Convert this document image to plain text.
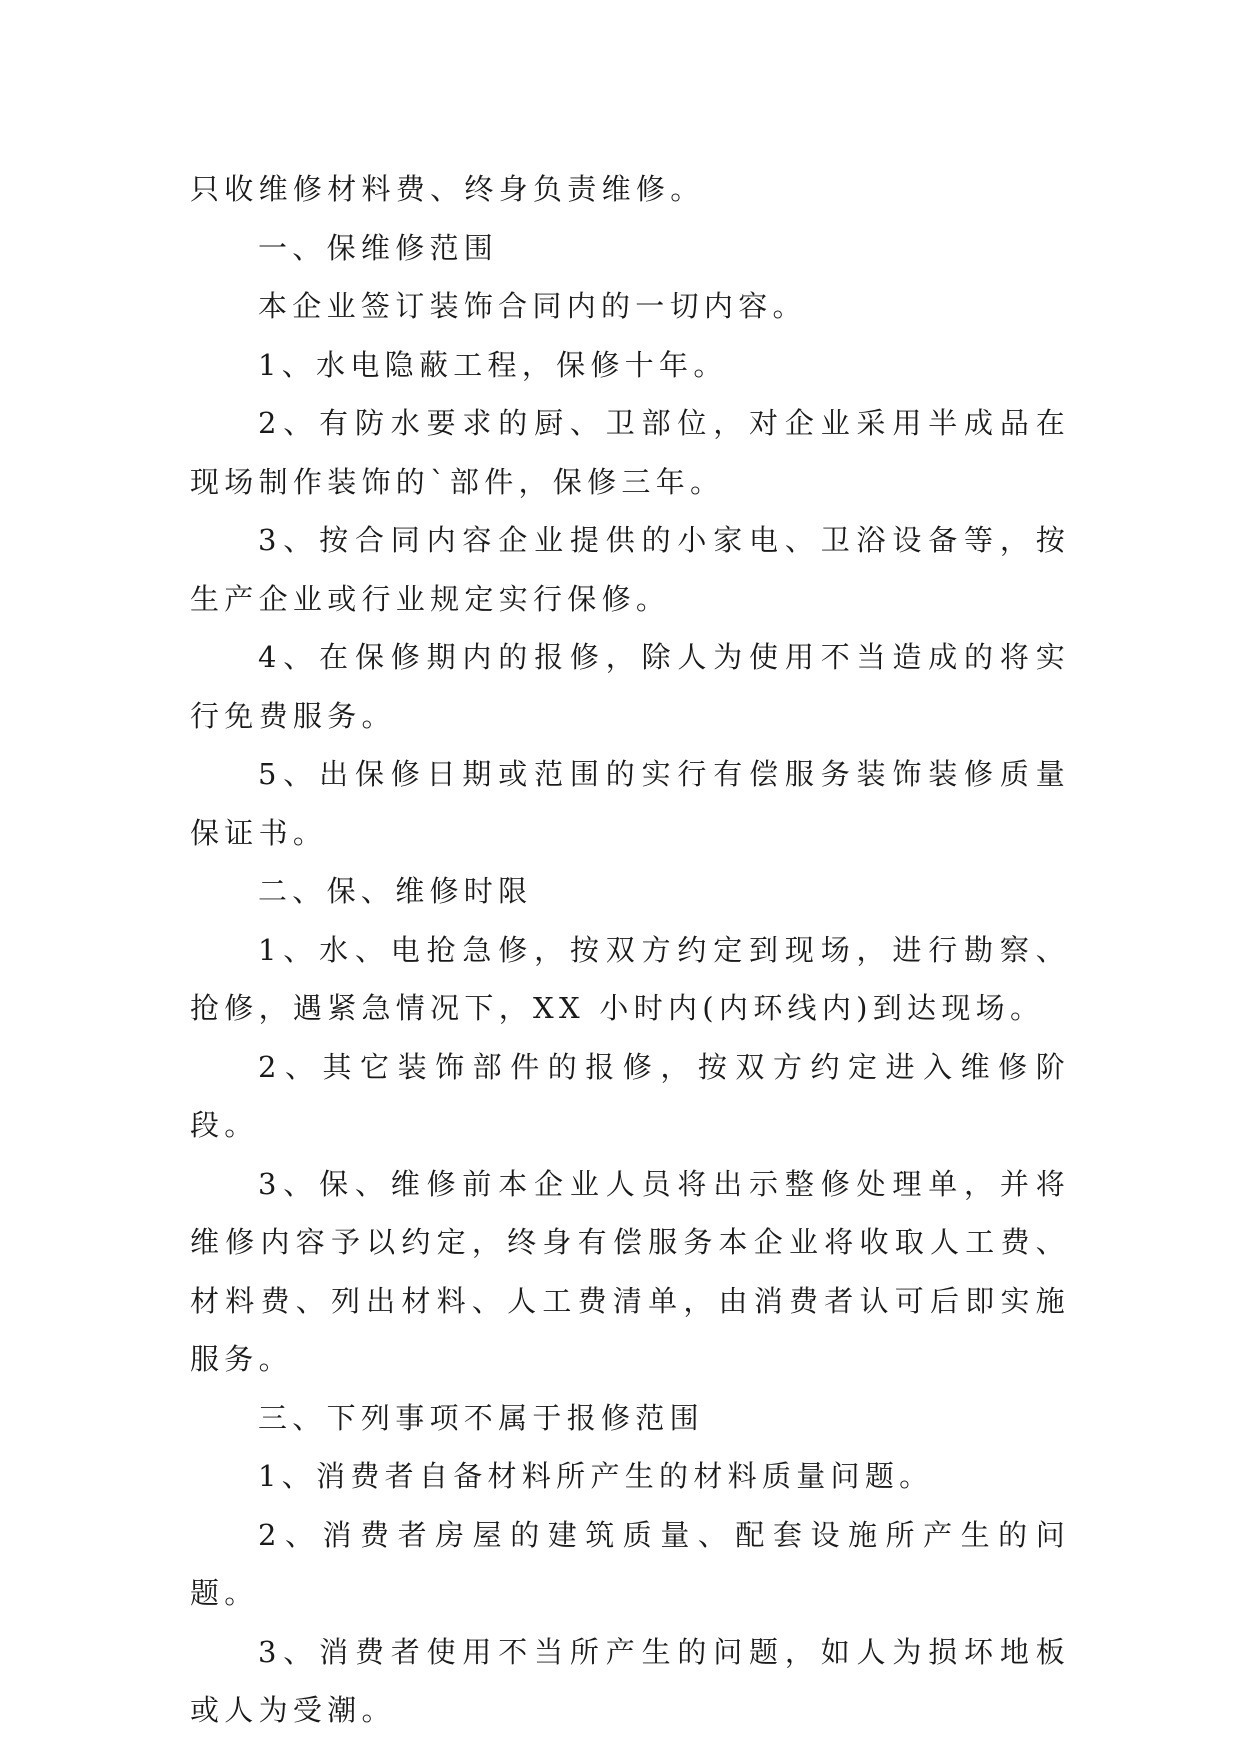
只收维修材料费、终身负责维修。

一、保维修范围

本企业签订装饰合同内的一切内容。

1、水电隐蔽工程，保修十年。

2、有防水要求的厨、卫部位，对企业采用半成品在现场制作装饰的`部件，保修三年。

3、按合同内容企业提供的小家电、卫浴设备等，按生产企业或行业规定实行保修。

4、在保修期内的报修，除人为使用不当造成的将实行免费服务。

5、出保修日期或范围的实行有偿服务装饰装修质量保证书。

二、保、维修时限

1、水、电抢急修，按双方约定到现场，进行勘察、抢修，遇紧急情况下，XX 小时内(内环线内)到达现场。

2、其它装饰部件的报修，按双方约定进入维修阶段。

3、保、维修前本企业人员将出示整修处理单，并将维修内容予以约定，终身有偿服务本企业将收取人工费、材料费、列出材料、人工费清单，由消费者认可后即实施服务。

三、下列事项不属于报修范围

1、消费者自备材料所产生的材料质量问题。

2、消费者房屋的建筑质量、配套设施所产生的问题。

3、消费者使用不当所产生的问题，如人为损坏地板或人为受潮。
